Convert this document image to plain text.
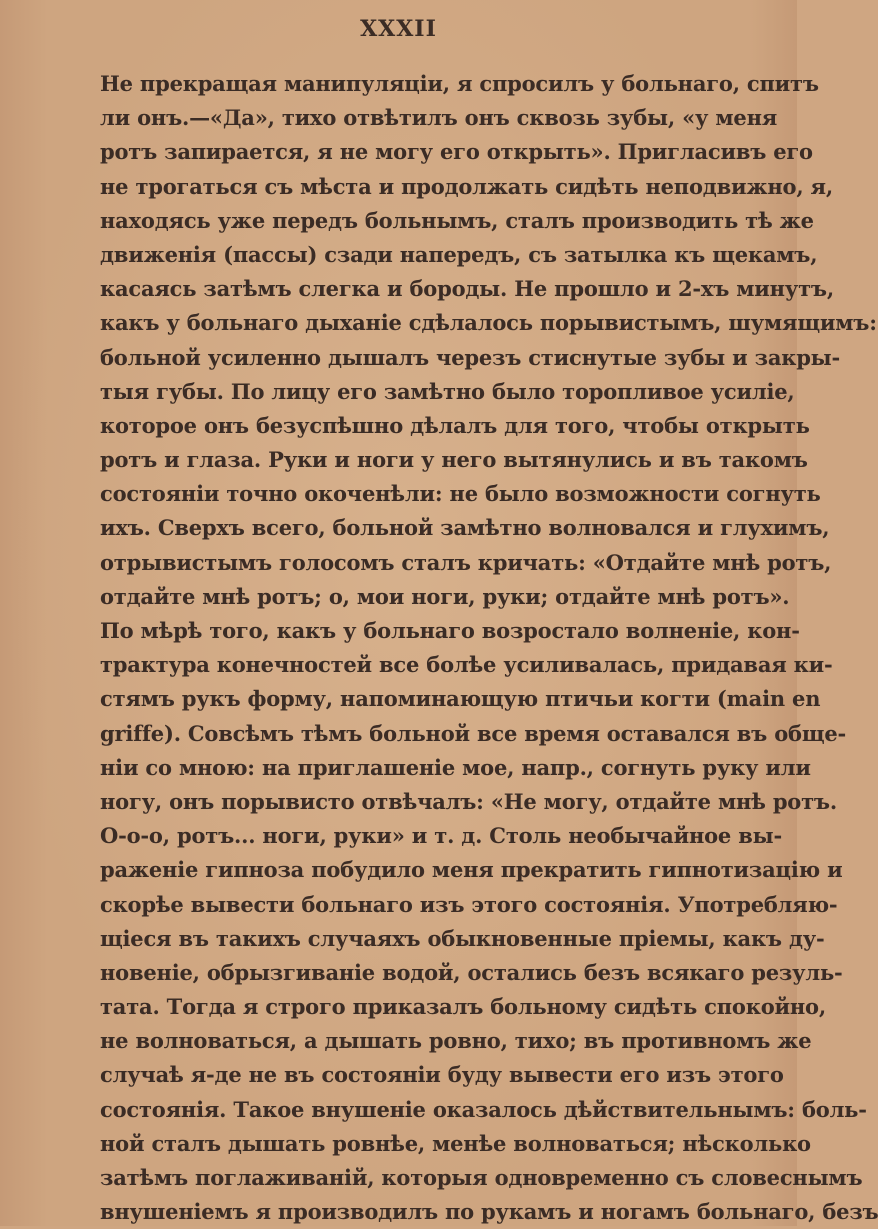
XXXII
Не прекращая манипуляціи, я спросилъ у больнаго, спитъ
ли онъ.—«Да», тихо отвѣтилъ онъ сквозь зубы, «у меня
ротъ запирается, я не могу его открыть». Пригласивъ его
не трогаться съ мѣста и продолжать сидѣть неподвижно, я,
находясь уже передъ больнымъ, сталъ производить тѣ же
движенія (пассы) сзади напередъ, съ затылка къ щекамъ,
касаясь затѣмъ слегка и бороды. Не прошло и 2-хъ минутъ,
какъ у больнаго дыханіе сдѣлалось порывистымъ, шумящимъ:
больной усиленно дышалъ черезъ стиснутые зубы и закры-
тыя губы. По лицу его замѣтно было торопливое усиліе,
которое онъ безуспѣшно дѣлалъ для того, чтобы открыть
ротъ и глаза. Руки и ноги у него вытянулись и въ такомъ
состояніи точно окоченѣли: не было возможности согнуть
ихъ. Сверхъ всего, больной замѣтно волновался и глухимъ,
отрывистымъ голосомъ сталъ кричать: «Отдайте мнѣ ротъ,
отдайте мнѣ ротъ; о, мои ноги, руки; отдайте мнѣ ротъ».
По мѣрѣ того, какъ у больнаго возростало волненіе, кон-
трактура конечностей все болѣе усиливалась, придавая ки-
стямъ рукъ форму, напоминающую птичьи когти (main en
griffe). Совсѣмъ тѣмъ больной все время оставался въ обще-
ніи со мною: на приглашеніе мое, напр., согнуть руку или
ногу, онъ порывисто отвѣчалъ: «Не могу, отдайте мнѣ ротъ.
О-о-о, ротъ... ноги, руки» и т. д. Столь необычайное вы-
раженіе гипноза побудило меня прекратить гипнотизацію и
скорѣе вывести больнаго изъ этого состоянія. Употребляю-
щіеся въ такихъ случаяхъ обыкновенные пріемы, какъ ду-
новеніе, обрызгиваніе водой, остались безъ всякаго резуль-
тата. Тогда я строго приказалъ больному сидѣть спокойно,
не волноваться, а дышать ровно, тихо; въ противномъ же
случаѣ я-де не въ состояніи буду вывести его изъ этого
состоянія. Такое внушеніе оказалось дѣйствительнымъ: боль-
ной сталъ дышать ровнѣе, менѣе волноваться; нѣсколько
затѣмъ поглаживаній, которыя одновременно съ словеснымъ
внушеніемъ я производилъ по рукамъ и ногамъ больнаго, безъ
